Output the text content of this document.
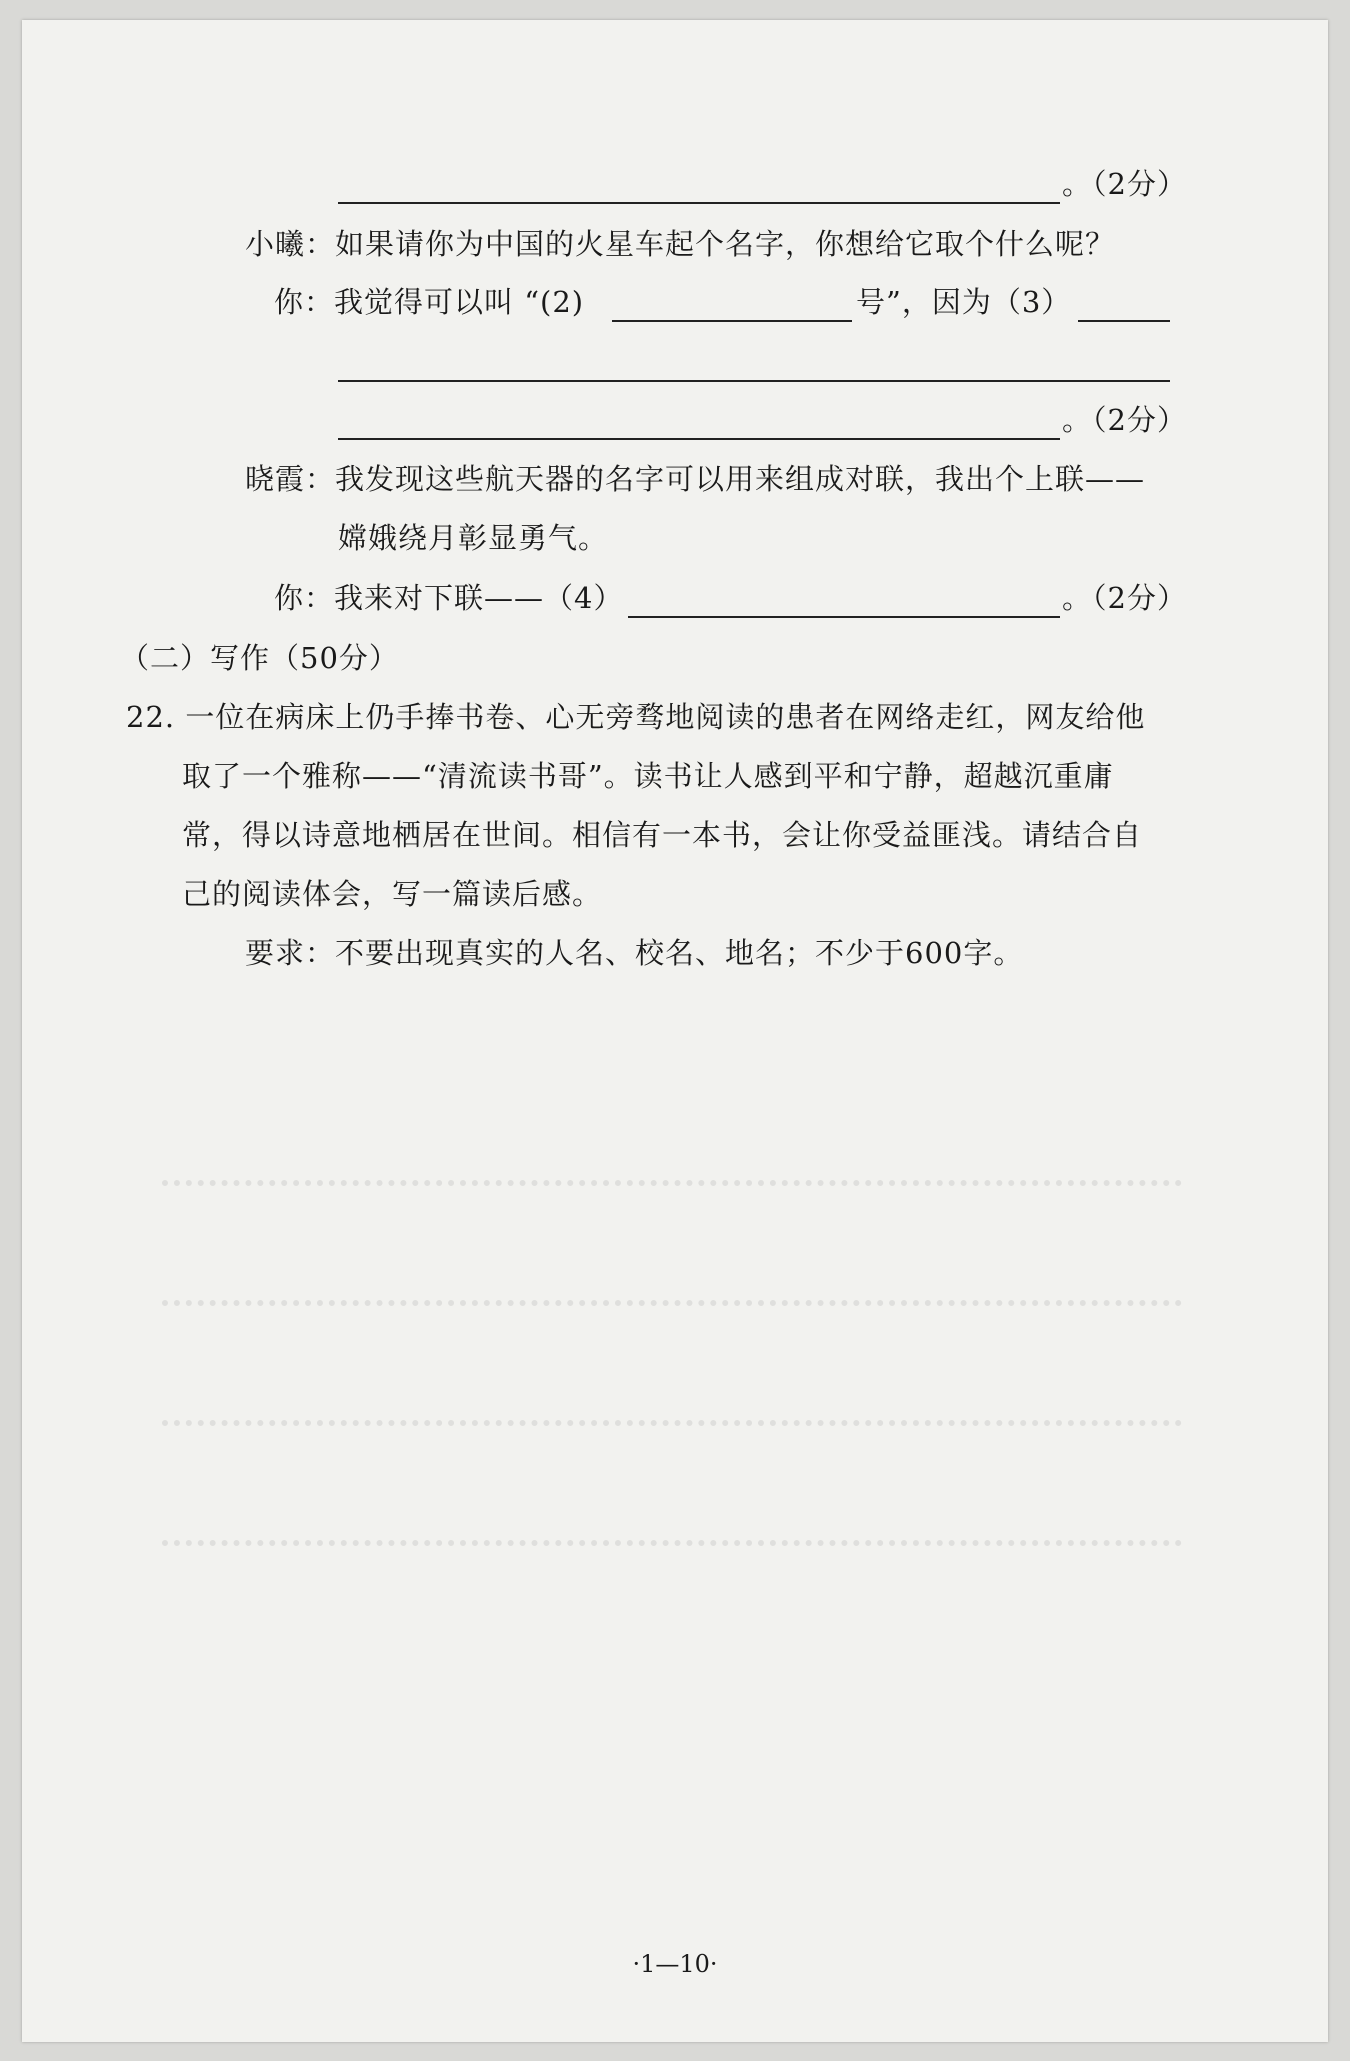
。（2分）
小曦：如果请你为中国的火星车起个名字，你想给它取个什么呢？
你：我觉得可以叫 “(2)	号”，因为（3）
。（2分）
晓霞：我发现这些航天器的名字可以用来组成对联，我出个上联——
嫦娥绕月彰显勇气。
你：我来对下联——（4）	。（2分）
（二）写作（50分）
22. 一位在病床上仍手捧书卷、心无旁骛地阅读的患者在网络走红，网友给他
取了一个雅称——“清流读书哥”。读书让人感到平和宁静，超越沉重庸
常，得以诗意地栖居在世间。相信有一本书，会让你受益匪浅。请结合自
己的阅读体会，写一篇读后感。
要求：不要出现真实的人名、校名、地名；不少于600字。
·1—10·
